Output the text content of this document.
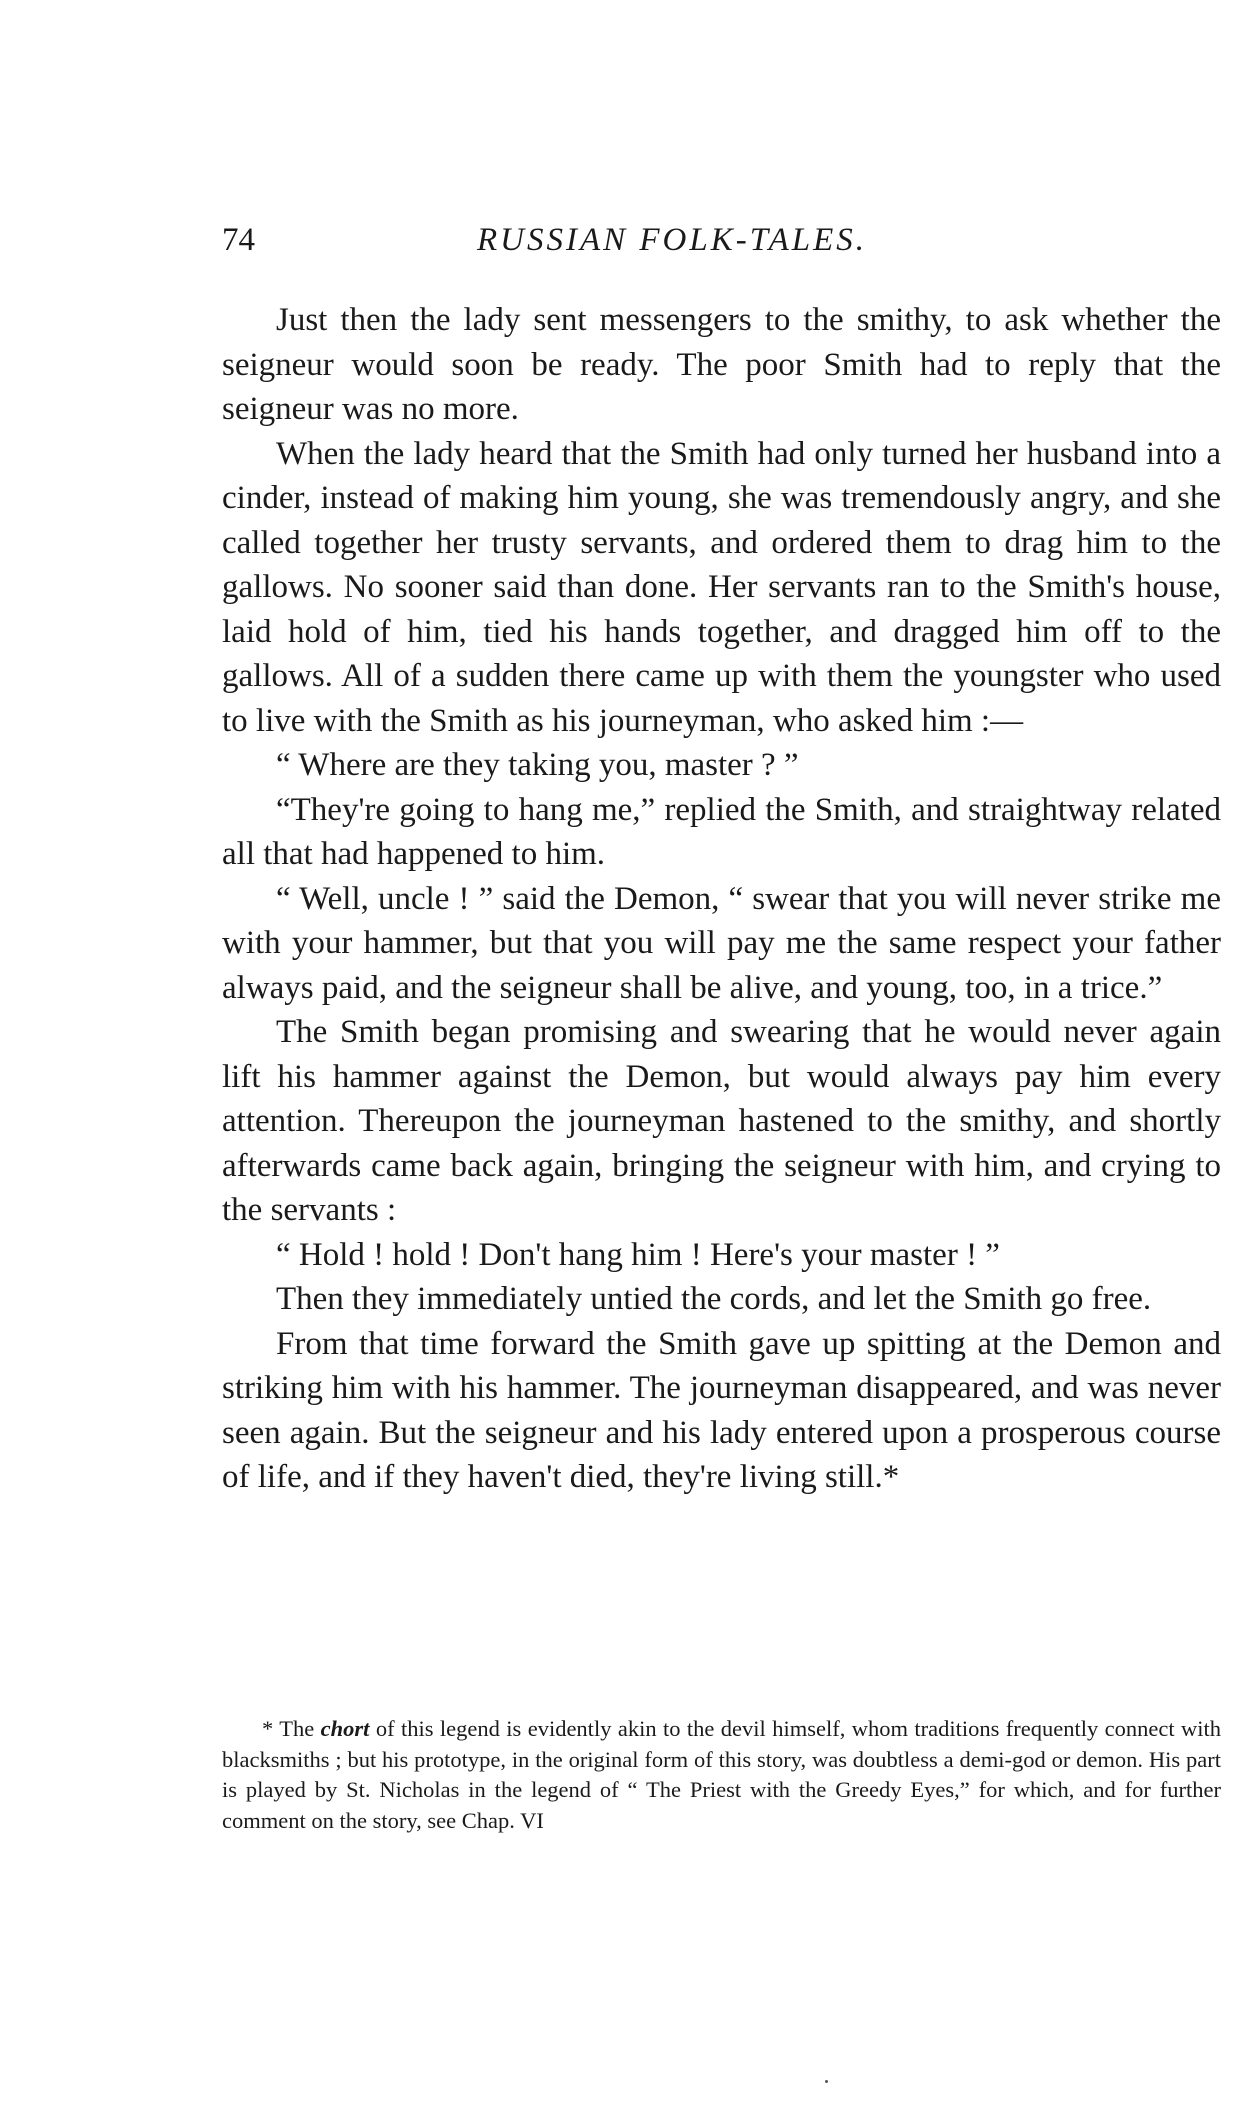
74	RUSSIAN FOLK-TALES.

Just then the lady sent messengers to the smithy, to ask whether the seigneur would soon be ready. The poor Smith had to reply that the seigneur was no more.

When the lady heard that the Smith had only turned her husband into a cinder, instead of making him young, she was tremendously angry, and she called together her trusty servants, and ordered them to drag him to the gallows. No sooner said than done. Her servants ran to the Smith's house, laid hold of him, tied his hands together, and dragged him off to the gallows. All of a sudden there came up with them the youngster who used to live with the Smith as his journeyman, who asked him :—

“ Where are they taking you, master ? ”

“They're going to hang me,” replied the Smith, and straightway related all that had happened to him.

“ Well, uncle ! ” said the Demon, “ swear that you will never strike me with your hammer, but that you will pay me the same respect your father always paid, and the seigneur shall be alive, and young, too, in a trice.”

The Smith began promising and swearing that he would never again lift his hammer against the Demon, but would always pay him every attention. Thereupon the journeyman hastened to the smithy, and shortly afterwards came back again, bringing the seigneur with him, and crying to the servants :

“ Hold ! hold ! Don't hang him ! Here's your master ! ”

Then they immediately untied the cords, and let the Smith go free.

From that time forward the Smith gave up spitting at the Demon and striking him with his hammer. The journeyman disappeared, and was never seen again. But the seigneur and his lady entered upon a prosperous course of life, and if they haven't died, they're living still.*

* The chort of this legend is evidently akin to the devil himself, whom traditions frequently connect with blacksmiths ; but his prototype, in the original form of this story, was doubtless a demi-god or demon. His part is played by St. Nicholas in the legend of “ The Priest with the Greedy Eyes,” for which, and for further comment on the story, see Chap. VI
